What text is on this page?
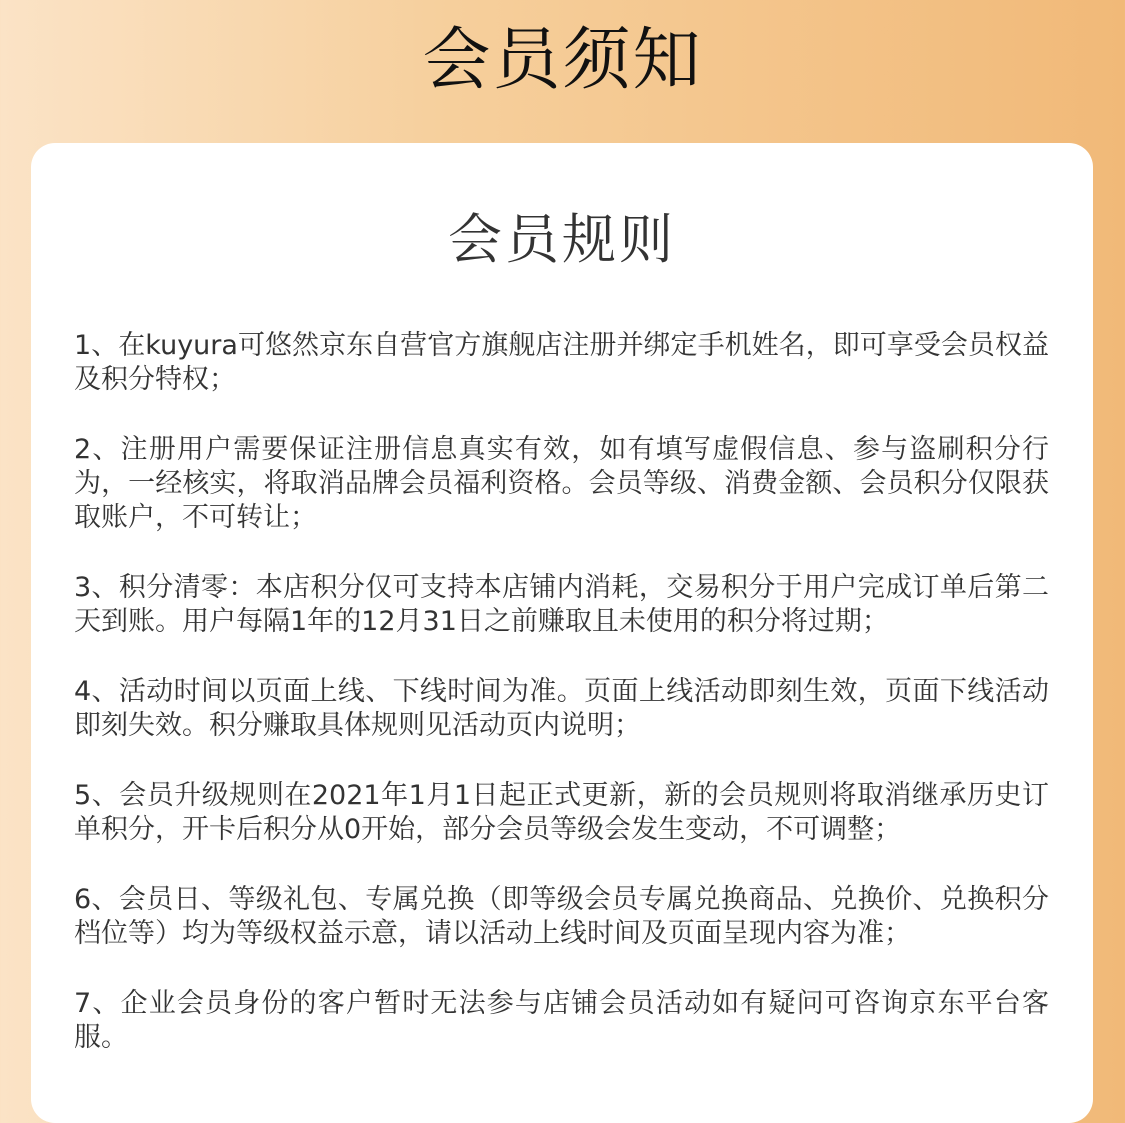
会员须知
会员规则
1、在kuyura可悠然京东自营官方旗舰店注册并绑定手机姓名，即可享受会员权益及积分特权；
2、注册用户需要保证注册信息真实有效，如有填写虚假信息、参与盗刷积分行为，一经核实，将取消品牌会员福利资格。会员等级、消费金额、会员积分仅限获取账户，不可转让；
3、积分清零：本店积分仅可支持本店铺内消耗，交易积分于用户完成订单后第二天到账。用户每隔1年的12月31日之前赚取且未使用的积分将过期；
4、活动时间以页面上线、下线时间为准。页面上线活动即刻生效，页面下线活动即刻失效。积分赚取具体规则见活动页内说明；
5、会员升级规则在2021年1月1日起正式更新，新的会员规则将取消继承历史订单积分，开卡后积分从0开始，部分会员等级会发生变动，不可调整；
6、会员日、等级礼包、专属兑换（即等级会员专属兑换商品、兑换价、兑换积分档位等）均为等级权益示意，请以活动上线时间及页面呈现内容为准；
7、企业会员身份的客户暂时无法参与店铺会员活动如有疑问可咨询京东平台客服。
